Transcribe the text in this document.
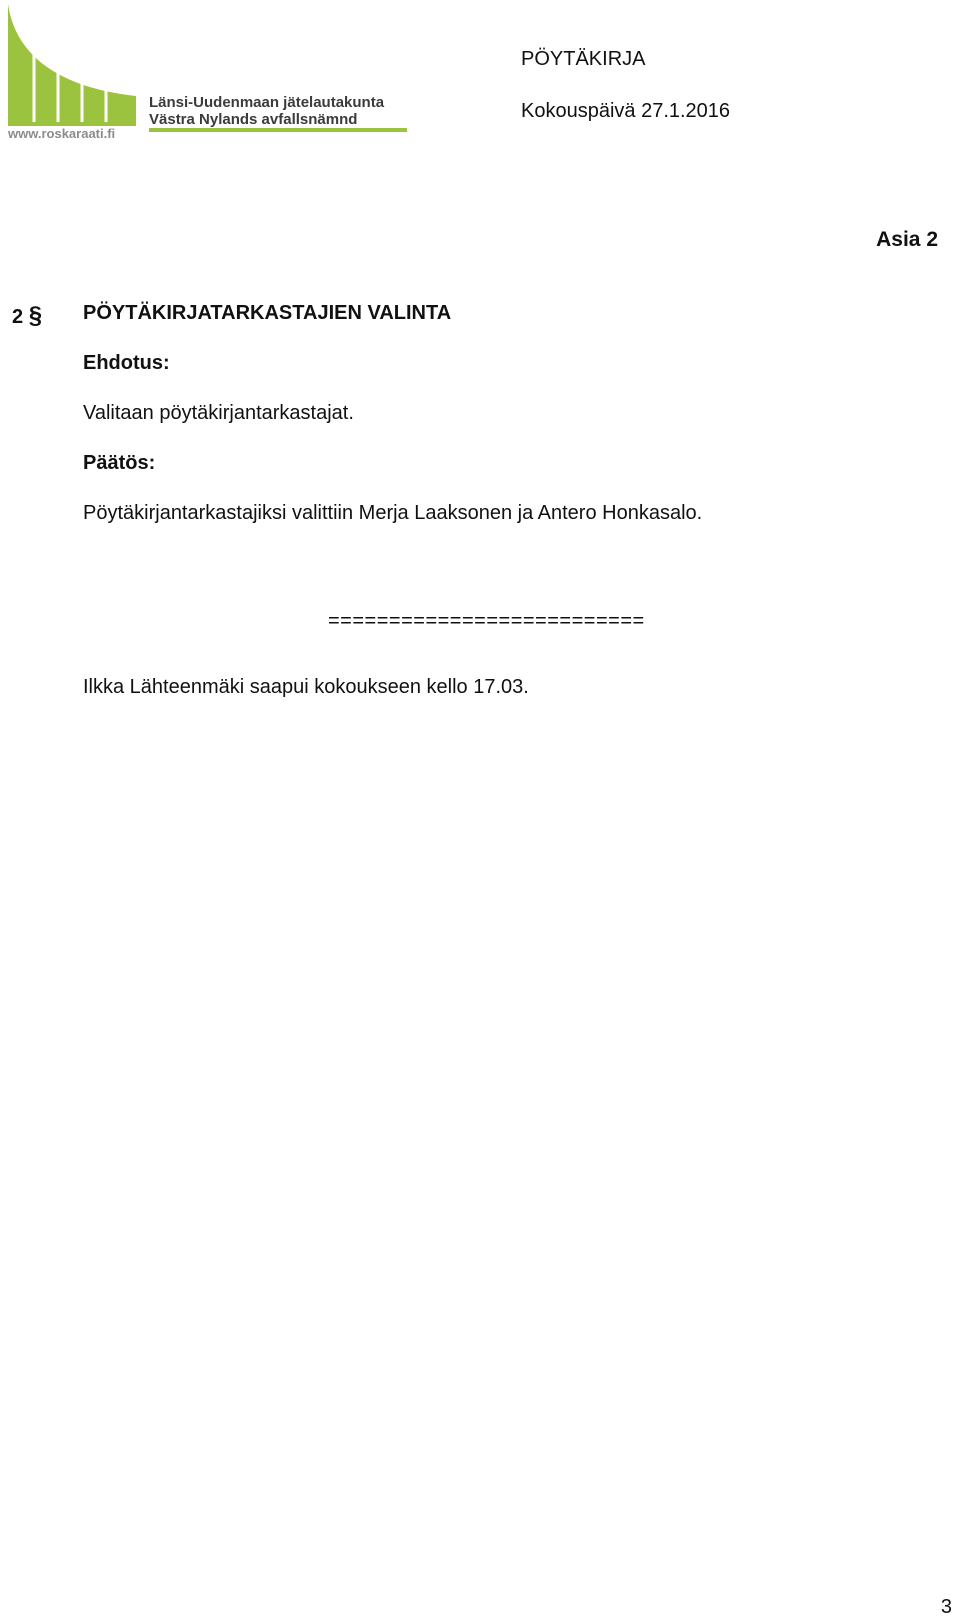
www.roskaraati.fi
Länsi-Uudenmaan jätelautakunta
Västra Nylands avfallsnämnd
PÖYTÄKIRJA
Kokouspäivä 27.1.2016
Asia 2
2 § PÖYTÄKIRJATARKASTAJIEN VALINTA
Ehdotus:
Valitaan pöytäkirjantarkastajat.
Päätös:
Pöytäkirjantarkastajiksi valittiin Merja Laaksonen ja Antero Honkasalo.
==========================
Ilkka Lähteenmäki saapui kokoukseen kello 17.03.
3
